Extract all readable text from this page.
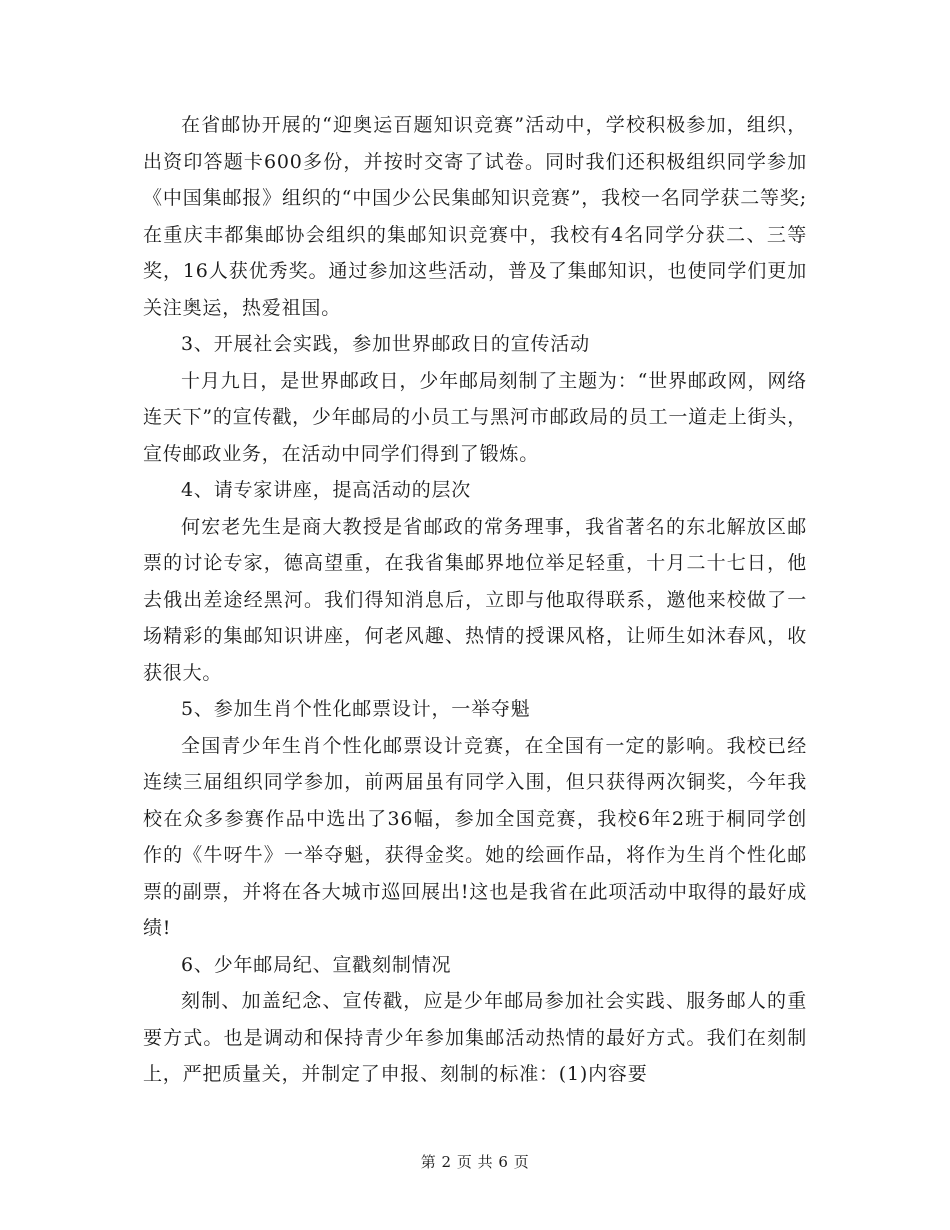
在省邮协开展的“迎奥运百题知识竞赛”活动中，学校积极参加，组织，出资印答题卡600多份，并按时交寄了试卷。同时我们还积极组织同学参加《中国集邮报》组织的“中国少公民集邮知识竞赛”，我校一名同学获二等奖;在重庆丰都集邮协会组织的集邮知识竞赛中，我校有4名同学分获二、三等奖，16人获优秀奖。通过参加这些活动，普及了集邮知识，也使同学们更加关注奥运，热爱祖国。

3、开展社会实践，参加世界邮政日的宣传活动

十月九日，是世界邮政日，少年邮局刻制了主题为：“世界邮政网，网络连天下”的宣传戳，少年邮局的小员工与黑河市邮政局的员工一道走上街头，宣传邮政业务，在活动中同学们得到了锻炼。

4、请专家讲座，提高活动的层次

何宏老先生是商大教授是省邮政的常务理事，我省著名的东北解放区邮票的讨论专家，德高望重，在我省集邮界地位举足轻重，十月二十七日，他去俄出差途经黑河。我们得知消息后，立即与他取得联系，邀他来校做了一场精彩的集邮知识讲座，何老风趣、热情的授课风格，让师生如沐春风，收获很大。

5、参加生肖个性化邮票设计，一举夺魁

全国青少年生肖个性化邮票设计竞赛，在全国有一定的影响。我校已经连续三届组织同学参加，前两届虽有同学入围，但只获得两次铜奖，今年我校在众多参赛作品中选出了36幅，参加全国竞赛，我校6年2班于桐同学创作的《牛呀牛》一举夺魁，获得金奖。她的绘画作品，将作为生肖个性化邮票的副票，并将在各大城市巡回展出!这也是我省在此项活动中取得的最好成绩!

6、少年邮局纪、宣戳刻制情况

刻制、加盖纪念、宣传戳，应是少年邮局参加社会实践、服务邮人的重要方式。也是调动和保持青少年参加集邮活动热情的最好方式。我们在刻制上，严把质量关，并制定了申报、刻制的标准：(1)内容要

第 2 页 共 6 页
